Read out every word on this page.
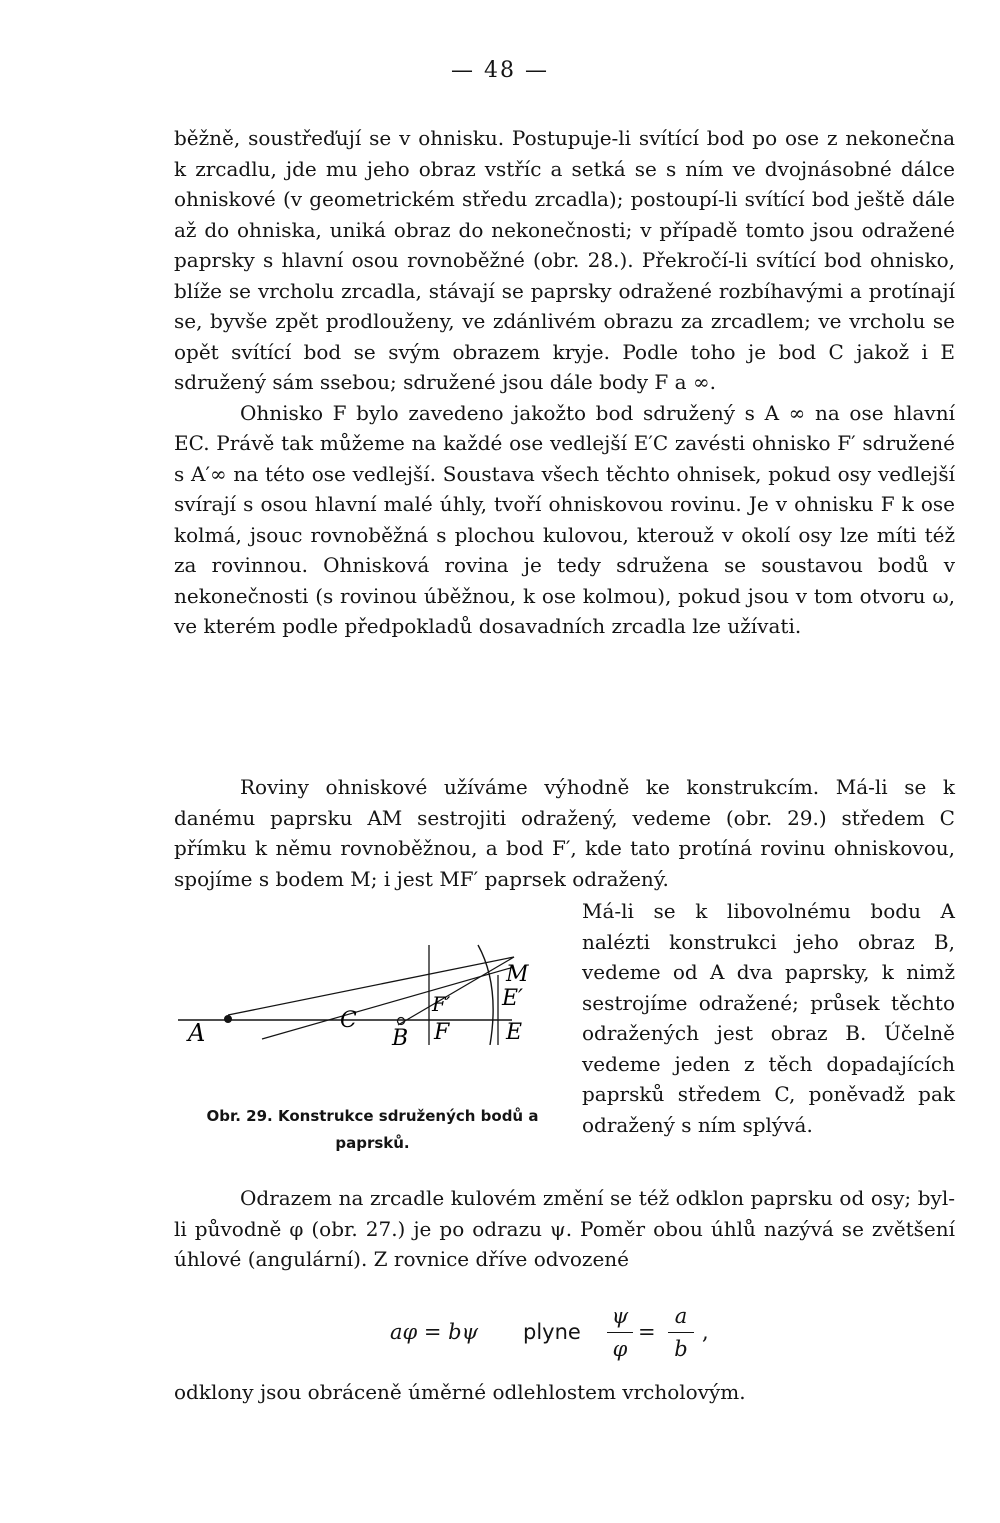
— 48 —

běžně, soustřeďují se v ohnisku. Postupuje-li svítící bod po ose z nekonečna k zrcadlu, jde mu jeho obraz vstříc a setká se s ním ve dvojnásobné dálce ohniskové (v geometrickém středu zrcadla); postoupí-li svítící bod ještě dále až do ohniska, uniká obraz do nekonečnosti; v případě tomto jsou odražené paprsky s hlavní osou rovnoběžné (obr. 28.). Překročí-li svítící bod ohnisko, blíže se vrcholu zrcadla, stávají se paprsky odražené rozbíhavými a protínají se, byvše zpět prodlouženy, ve zdánlivém obrazu za zrcadlem; ve vrcholu se opět svítící bod se svým obrazem kryje. Podle toho je bod C jakož i E sdružený sám ssebou; sdružené jsou dále body F a ∞.

Ohnisko F bylo zavedeno jakožto bod sdružený s A ∞ na ose hlavní EC. Právě tak můžeme na každé ose vedlejší E′C zavésti ohnisko F′ sdružené s A′∞ na této ose vedlejší. Soustava všech těchto ohnisek, pokud osy vedlejší svírají s osou hlavní malé úhly, tvoří ohniskovou rovinu. Je v ohnisku F k ose kolmá, jsouc rovnoběžná s plochou kulovou, kterouž v okolí osy lze míti též za rovinnou. Ohnisková rovina je tedy sdružena se soustavou bodů v nekonečnosti (s rovinou úběžnou, k ose kolmou), pokud jsou v tom otvoru ω, ve kterém podle předpokladů dosavadních zrcadla lze užívati.

Roviny ohniskové užíváme výhodně ke konstrukcím. Má-li se k danému paprsku AM sestrojiti odražený, vedeme (obr. 29.) středem C přímku k němu rovnoběžnou, a bod F′, kde tato protíná rovinu ohniskovou, spojíme s bodem M; i jest MF′ paprsek odražený.

Má-li se k libovolnému bodu A nalézti konstrukci jeho obraz B, vedeme od A dva paprsky, k nimž sestrojíme odražené; průsek těchto odražených jest obraz B. Účelně vedeme jeden z těch dopadajících paprsků středem C, poněvadž pak odražený s ním splývá.

A	C
B F
F′
M
E′
E
Obr. 29. Konstrukce sdružených bodů a paprsků.

Odrazem na zrcadle kulovém změní se též odklon paprsku od osy; byl-li původně φ (obr. 27.) je po odrazu ψ. Poměr obou úhlů nazývá se zvětšení úhlové (angulární). Z rovnice dříve odvozené

aφ = bψ plyne
ψ
φ
=
a
b
,

odklony jsou obráceně úměrné odlehlostem vrcholovým.
